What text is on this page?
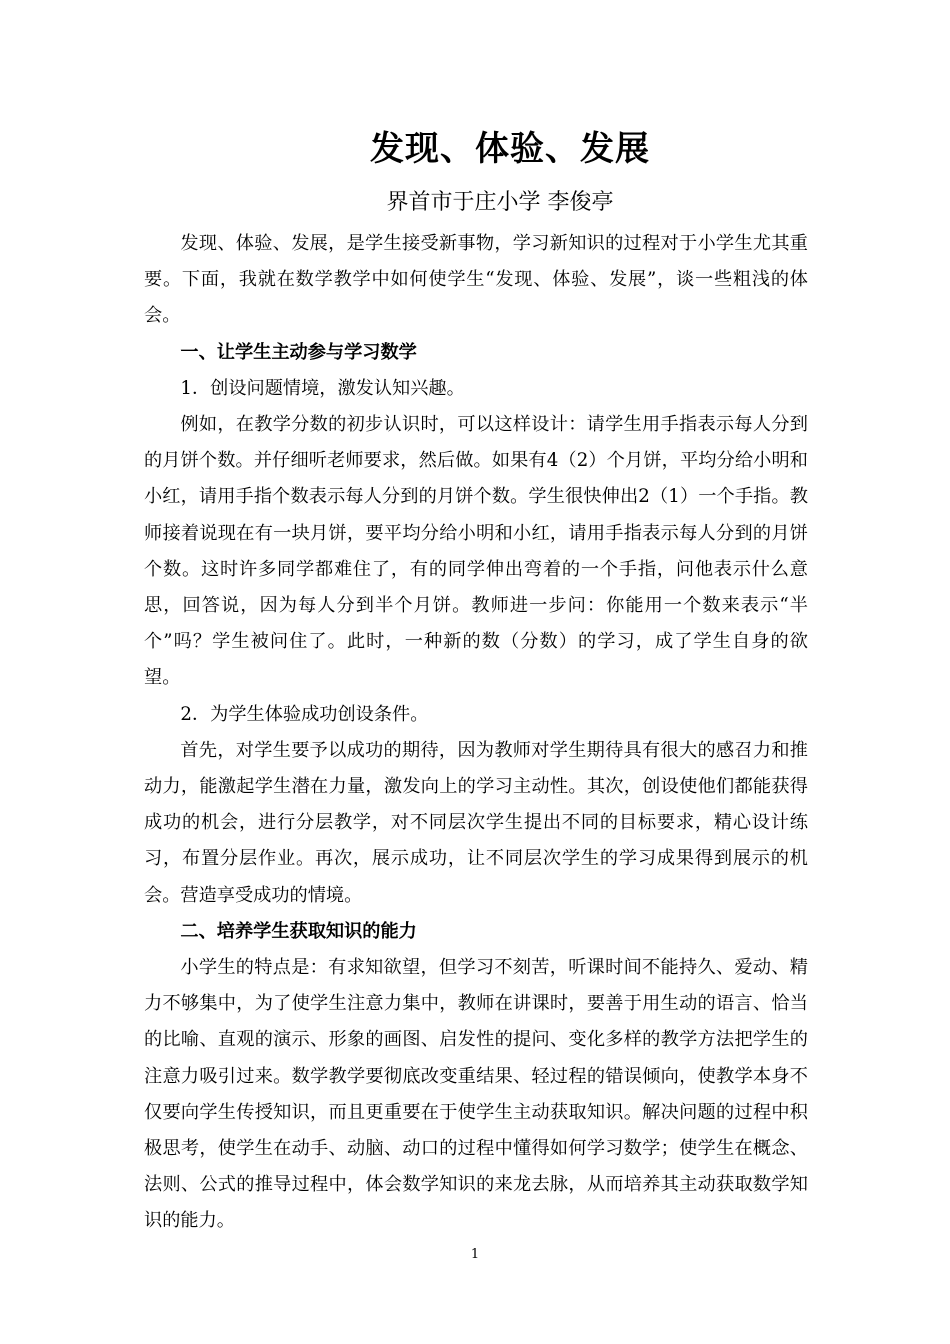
发现、体验、发展
界首市于庄小学 李俊亭

发现、体验、发展，是学生接受新事物，学习新知识的过程对于小学生尤其重要。下面，我就在数学教学中如何使学生“发现、体验、发展”，谈一些粗浅的体会。

一、让学生主动参与学习数学

1．创设问题情境，激发认知兴趣。

例如，在教学分数的初步认识时，可以这样设计：请学生用手指表示每人分到的月饼个数。并仔细听老师要求，然后做。如果有4（2）个月饼，平均分给小明和小红，请用手指个数表示每人分到的月饼个数。学生很快伸出2（1）一个手指。教师接着说现在有一块月饼，要平均分给小明和小红，请用手指表示每人分到的月饼个数。这时许多同学都难住了，有的同学伸出弯着的一个手指，问他表示什么意思，回答说，因为每人分到半个月饼。教师进一步问：你能用一个数来表示“半个”吗？学生被问住了。此时，一种新的数（分数）的学习，成了学生自身的欲望。

2．为学生体验成功创设条件。

首先，对学生要予以成功的期待，因为教师对学生期待具有很大的感召力和推动力，能激起学生潜在力量，激发向上的学习主动性。其次，创设使他们都能获得成功的机会，进行分层教学，对不同层次学生提出不同的目标要求，精心设计练习，布置分层作业。再次，展示成功，让不同层次学生的学习成果得到展示的机会。营造享受成功的情境。

二、培养学生获取知识的能力

小学生的特点是：有求知欲望，但学习不刻苦，听课时间不能持久、爱动、精力不够集中，为了使学生注意力集中，教师在讲课时，要善于用生动的语言、恰当的比喻、直观的演示、形象的画图、启发性的提问、变化多样的教学方法把学生的注意力吸引过来。数学教学要彻底改变重结果、轻过程的错误倾向，使教学本身不仅要向学生传授知识，而且更重要在于使学生主动获取知识。解决问题的过程中积极思考，使学生在动手、动脑、动口的过程中懂得如何学习数学；使学生在概念、法则、公式的推导过程中，体会数学知识的来龙去脉，从而培养其主动获取数学知识的能力。

1
